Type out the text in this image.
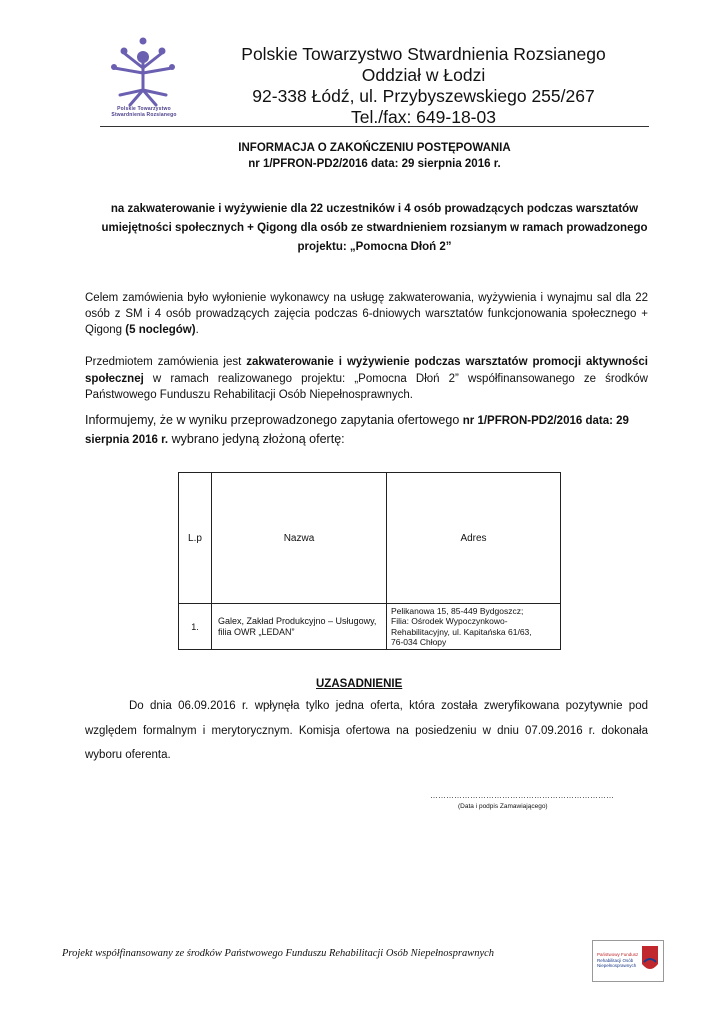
Polskie Towarzystwo
Stwardnienia Rozsianego
Polskie Towarzystwo Stwardnienia Rozsianego
Oddział w Łodzi
92-338 Łódź, ul. Przybyszewskiego 255/267
Tel./fax: 649-18-03
INFORMACJA O ZAKOŃCZENIU POSTĘPOWANIA
nr 1/PFRON-PD2/2016 data: 29 sierpnia 2016 r.
na zakwaterowanie i wyżywienie dla 22 uczestników i 4 osób prowadzących podczas warsztatów
umiejętności społecznych + Qigong dla osób ze stwardnieniem rozsianym w ramach prowadzonego
projektu: „Pomocna Dłoń 2”
Celem zamówienia było wyłonienie wykonawcy na usługę zakwaterowania, wyżywienia i wynajmu sal dla 22 osób z SM i 4 osób prowadzących zajęcia podczas 6-dniowych warsztatów funkcjonowania społecznego + Qigong (5 noclegów).
Przedmiotem zamówienia jest zakwaterowanie i wyżywienie podczas warsztatów promocji aktywności społecznej w ramach realizowanego projektu: „Pomocna Dłoń 2” współfinansowanego ze środków Państwowego Funduszu Rehabilitacji Osób Niepełnosprawnych.
Informujemy, że w wyniku przeprowadzonego zapytania ofertowego nr 1/PFRON-PD2/2016 data: 29 sierpnia 2016 r. wybrano jedyną złożoną ofertę:
L.p	Nazwa	Adres
1.	Galex, Zakład Produkcyjno – Usługowy, filia OWR „LEDAN”	Pelikanowa 15, 85-449 Bydgoszcz;
Filia: Ośrodek Wypoczynkowo-
Rehabilitacyjny, ul. Kapitańska 61/63,
76-034 Chłopy
UZASADNIENIE
Do dnia 06.09.2016 r. wpłynęła tylko jedna oferta, która została zweryfikowana pozytywnie pod względem formalnym i merytorycznym. Komisja ofertowa na posiedzeniu w dniu 07.09.2016 r. dokonała wyboru oferenta.
……………………………………………………………
(Data i podpis Zamawiającego)
Projekt współfinansowany ze środków Państwowego Funduszu Rehabilitacji Osób Niepełnosprawnych	Państwowy Fundusz
Rehabilitacji Osób
Niepełnosprawnych
